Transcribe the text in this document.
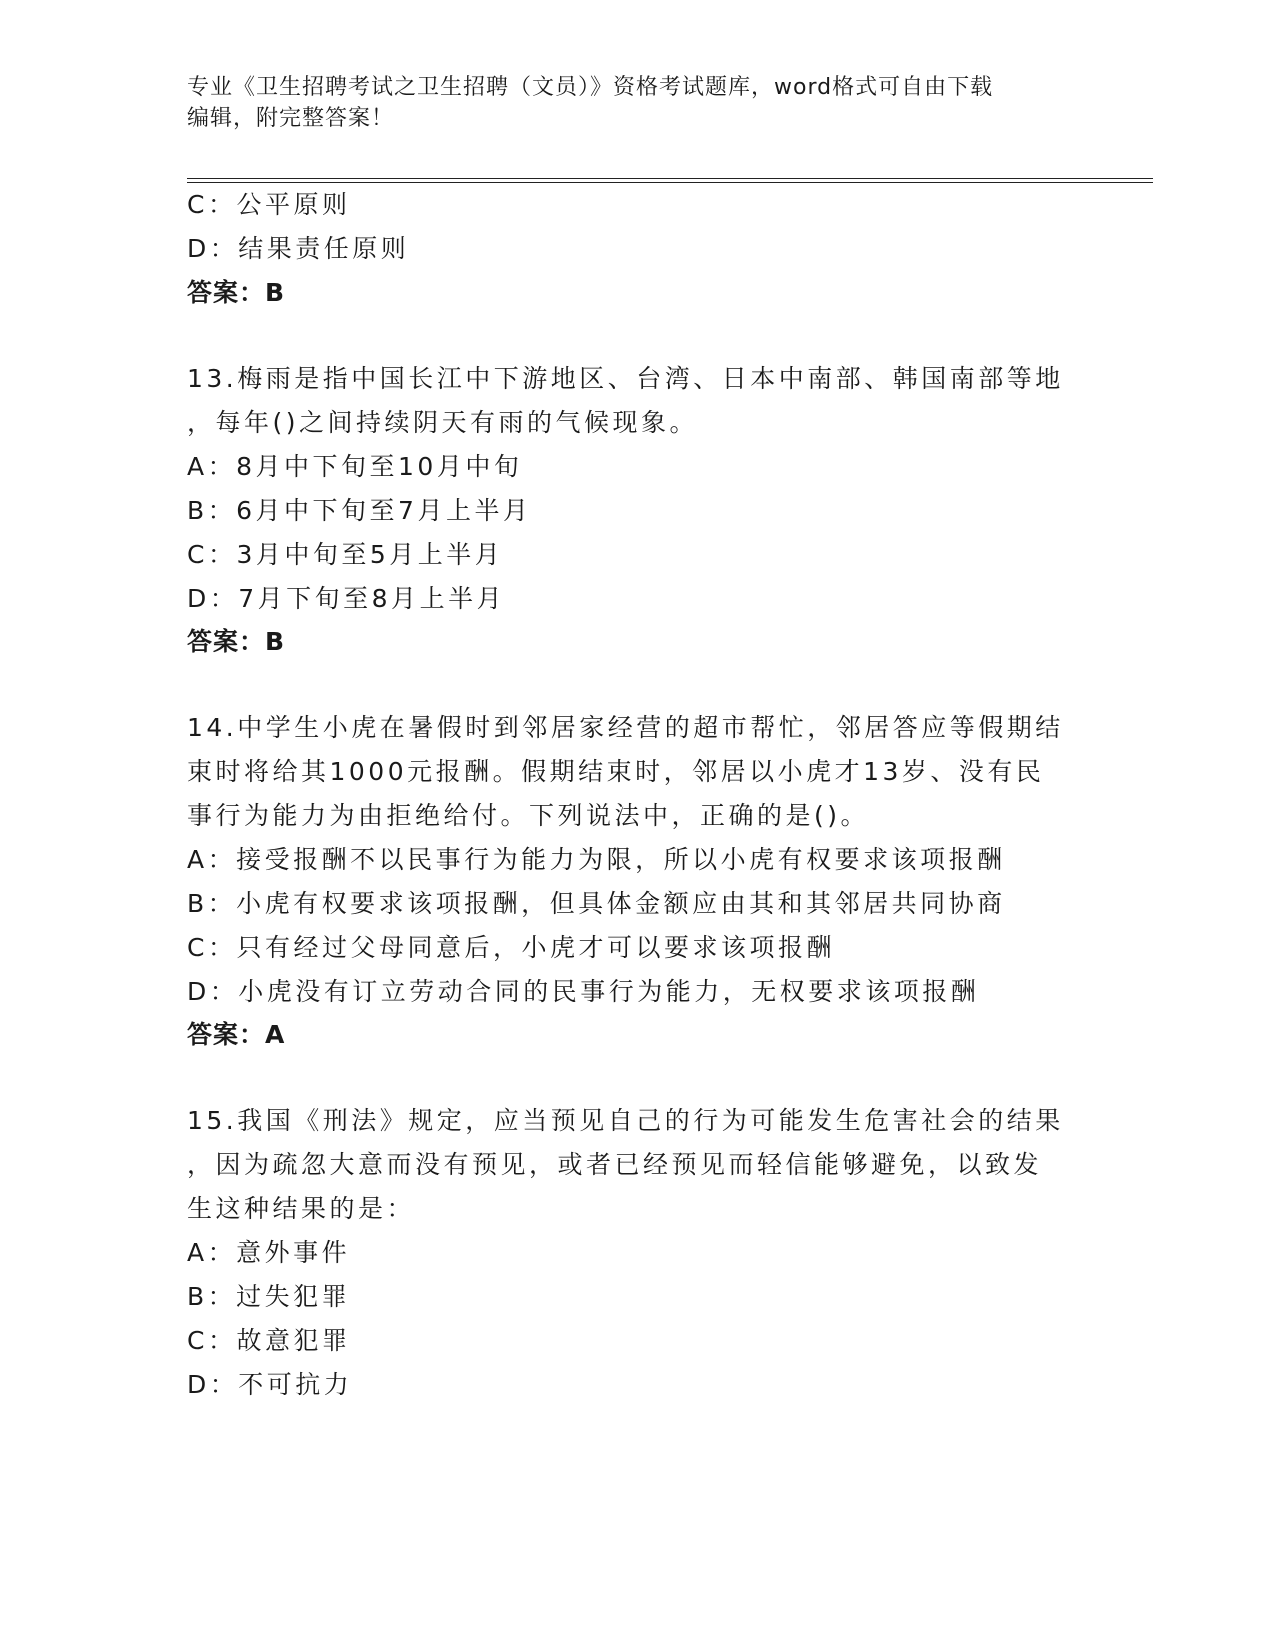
专业《卫生招聘考试之卫生招聘（文员）》资格考试题库，word格式可自由下载
编辑，附完整答案！
C：公平原则
D：结果责任原则
答案：B
13.梅雨是指中国长江中下游地区、台湾、日本中南部、韩国南部等地
，每年()之间持续阴天有雨的气候现象。
A：8月中下旬至10月中旬
B：6月中下旬至7月上半月
C：3月中旬至5月上半月
D：7月下旬至8月上半月
答案：B
14.中学生小虎在暑假时到邻居家经营的超市帮忙，邻居答应等假期结
束时将给其1000元报酬。假期结束时，邻居以小虎才13岁、没有民
事行为能力为由拒绝给付。下列说法中，正确的是()。
A：接受报酬不以民事行为能力为限，所以小虎有权要求该项报酬
B：小虎有权要求该项报酬，但具体金额应由其和其邻居共同协商
C：只有经过父母同意后，小虎才可以要求该项报酬
D：小虎没有订立劳动合同的民事行为能力，无权要求该项报酬
答案：A
15.我国《刑法》规定，应当预见自己的行为可能发生危害社会的结果
，因为疏忽大意而没有预见，或者已经预见而轻信能够避免，以致发
生这种结果的是：
A：意外事件
B：过失犯罪
C：故意犯罪
D：不可抗力
